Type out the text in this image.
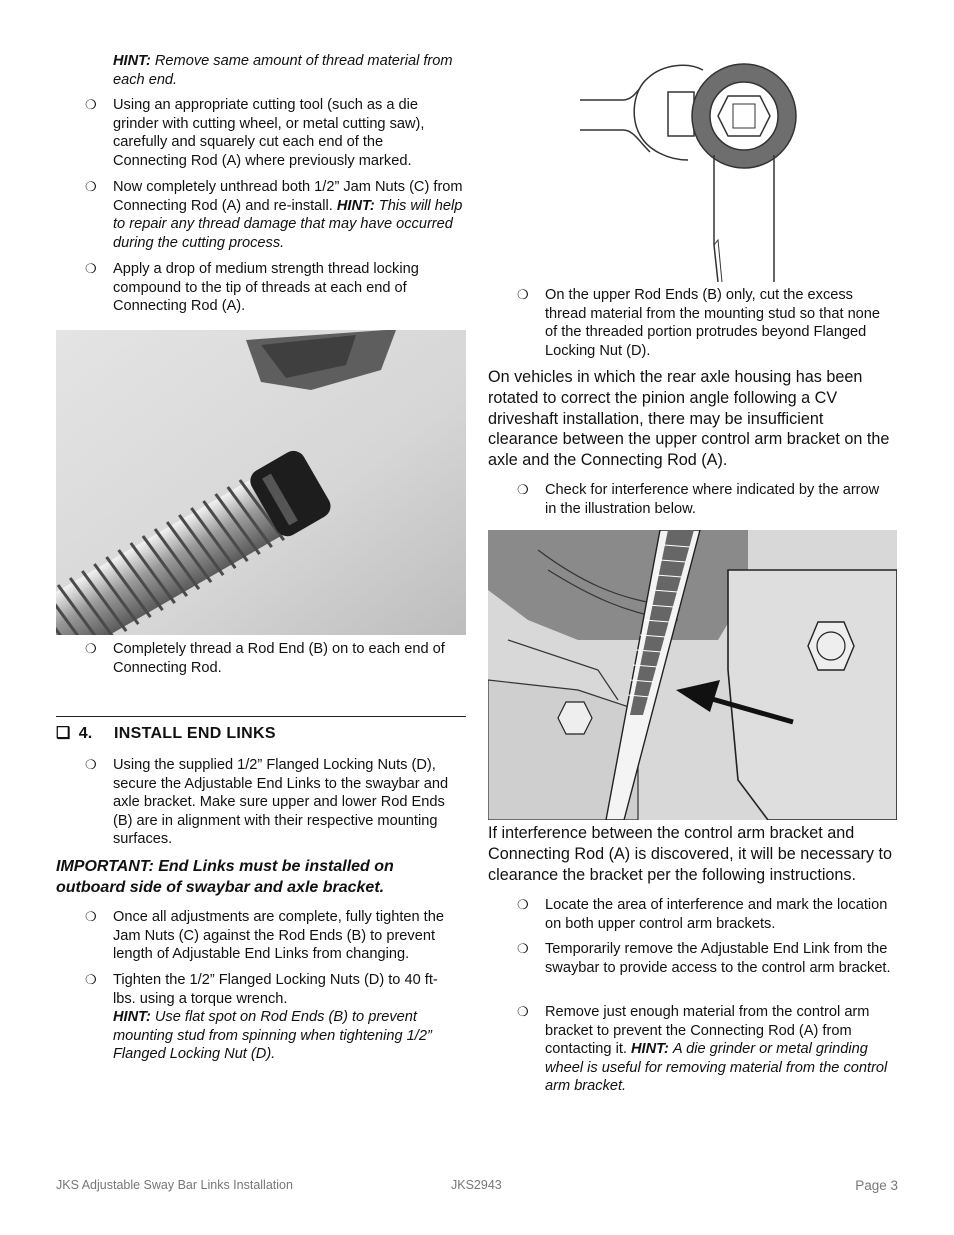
HINT: Remove same amount of thread material from each end.
❍ Using an appropriate cutting tool (such as a die grinder with cutting wheel, or metal cutting saw), carefully and squarely cut each end of the Connecting Rod (A) where previously marked.
❍ Now completely unthread both 1/2” Jam Nuts (C) from Connecting Rod (A) and re-install. HINT: This will help to repair any thread damage that may have occurred during the cutting process.
❍ Apply a drop of medium strength thread locking compound to the tip of threads at each end of Connecting Rod (A).
❍ Completely thread a Rod End (B) on to each end of Connecting Rod.
❑ 4. INSTALL END LINKS
❍ Using the supplied 1/2” Flanged Locking Nuts (D), secure the Adjustable End Links to the swaybar and axle bracket. Make sure upper and lower Rod Ends (B) are in alignment with their respective mounting surfaces.
IMPORTANT: End Links must be installed on outboard side of swaybar and axle bracket.
❍ Once all adjustments are complete, fully tighten the Jam Nuts (C) against the Rod Ends (B) to prevent length of Adjustable End Links from changing.
❍ Tighten the 1/2” Flanged Locking Nuts (D) to 40 ft-lbs. using a torque wrench.
HINT: Use flat spot on Rod Ends (B) to prevent mounting stud from spinning when tightening 1/2” Flanged Locking Nut (D).
❍ On the upper Rod Ends (B) only, cut the excess thread material from the mounting stud so that none of the threaded portion protrudes beyond Flanged Locking Nut (D).
On vehicles in which the rear axle housing has been rotated to correct the pinion angle following a CV driveshaft installation, there may be insufficient clearance between the upper control arm bracket on the axle and the Connecting Rod (A).
❍ Check for interference where indicated by the arrow in the illustration below.
If interference between the control arm bracket and Connecting Rod (A) is discovered, it will be necessary to clearance the bracket per the following instructions.
❍ Locate the area of interference and mark the location on both upper control arm brackets.
❍ Temporarily remove the Adjustable End Link from the swaybar to provide access to the control arm bracket.
❍ Remove just enough material from the control arm bracket to prevent the Connecting Rod (A) from contacting it. HINT: A die grinder or metal grinding wheel is useful for removing material from the control arm bracket.
JKS Adjustable Sway Bar Links Installation	JKS2943	Page 3
